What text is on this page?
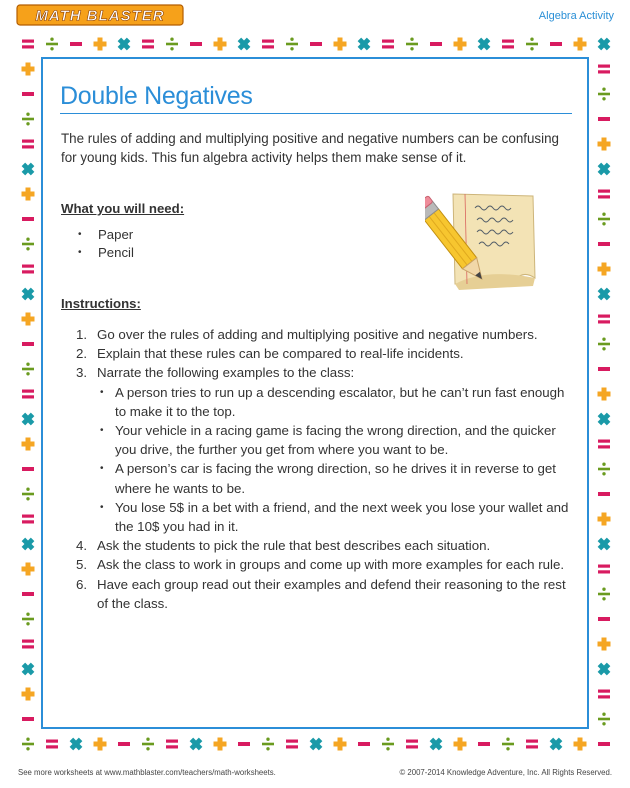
MATH BLASTER	Algebra Activity
Double Negatives

The rules of adding and multiplying positive and negative numbers can be confusing for young kids. This fun algebra activity helps them make sense of it.

What you will need:
• Paper
• Pencil
Instructions:
1. Go over the rules of adding and multiplying positive and negative numbers.
2. Explain that these rules can be compared to real-life incidents.
3. Narrate the following examples to the class:
• A person tries to run up a descending escalator, but he can’t run fast enough to make it to the top.
• Your vehicle in a racing game is facing the wrong direction, and the quicker you drive, the further you get from where you want to be.
• A person’s car is facing the wrong direction, so he drives it in reverse to get where he wants to be.
• You lose 5$ in a bet with a friend, and the next week you lose your wallet and the 10$ you had in it.
4. Ask the students to pick the rule that best describes each situation.
5. Ask the class to work in groups and come up with more examples for each rule.
6. Have each group read out their examples and defend their reasoning to the rest of the class.
See more worksheets at www.mathblaster.com/teachers/math-worksheets.	© 2007-2014 Knowledge Adventure, Inc. All Rights Reserved.
